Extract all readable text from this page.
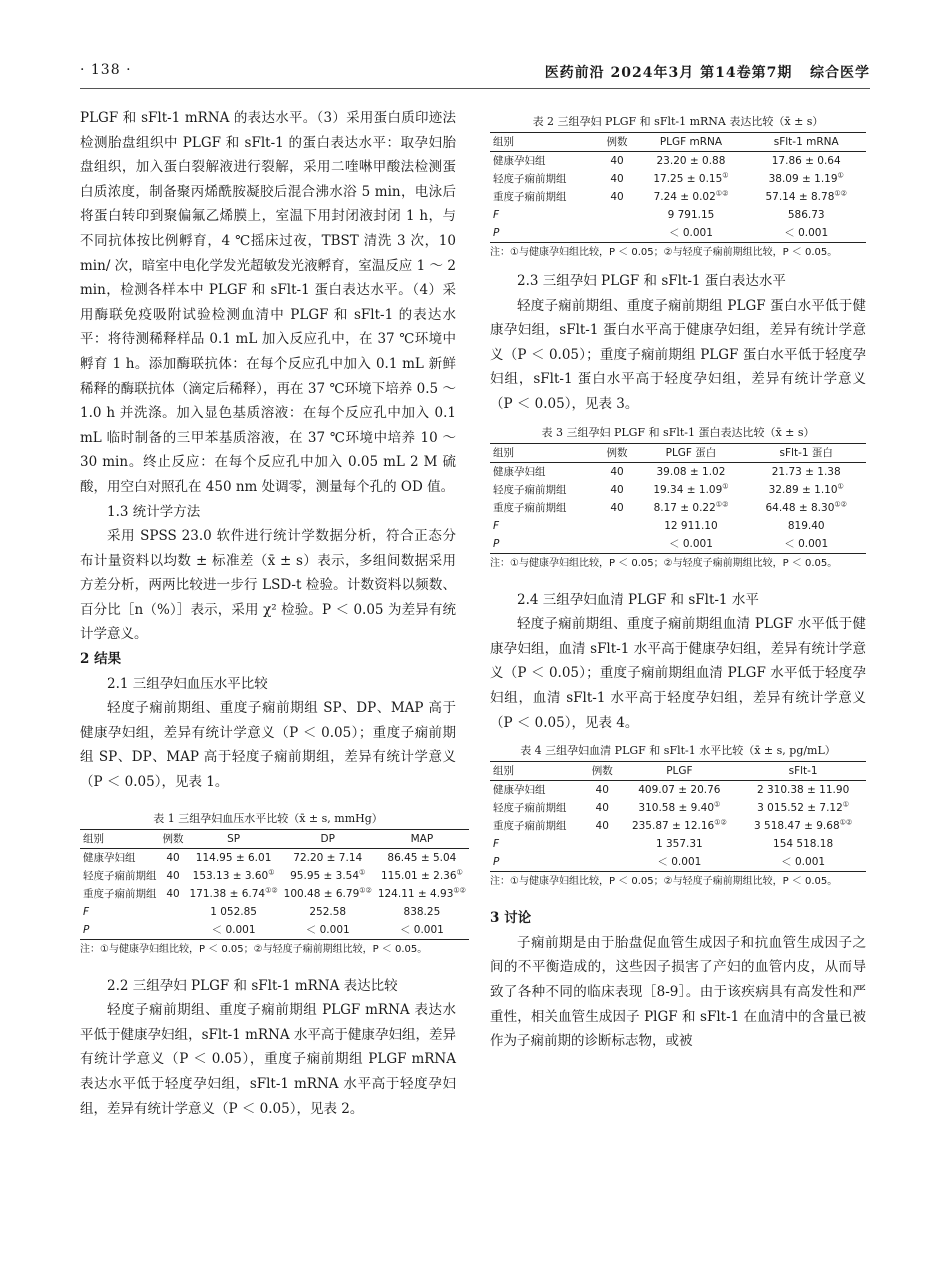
· 138 ·	医药前沿 2024年3月 第14卷第7期   综合医学

PLGF 和 sFlt-1 mRNA 的表达水平。（3）采用蛋白质印迹法检测胎盘组织中 PLGF 和 sFlt-1 的蛋白表达水平：取孕妇胎盘组织，加入蛋白裂解液进行裂解，采用二喹啉甲酸法检测蛋白质浓度，制备聚丙烯酰胺凝胶后混合沸水浴 5 min，电泳后将蛋白转印到聚偏氟乙烯膜上，室温下用封闭液封闭 1 h，与不同抗体按比例孵育，4 ℃摇床过夜，TBST 清洗 3 次，10 min/ 次，暗室中电化学发光超敏发光液孵育，室温反应 1 ～ 2 min，检测各样本中 PLGF 和 sFlt-1 蛋白表达水平。（4）采用酶联免疫吸附试验检测血清中 PLGF 和 sFlt-1 的表达水平：将待测稀释样品 0.1 mL 加入反应孔中，在 37 ℃环境中孵育 1 h。添加酶联抗体：在每个反应孔中加入 0.1 mL 新鲜稀释的酶联抗体（滴定后稀释），再在 37 ℃环境下培养 0.5 ～ 1.0 h 并洗涤。加入显色基质溶液：在每个反应孔中加入 0.1 mL 临时制备的三甲苯基质溶液，在 37 ℃环境中培养 10 ～ 30 min。终止反应：在每个反应孔中加入 0.05 mL 2 M 硫酸，用空白对照孔在 450 nm 处调零，测量每个孔的 OD 值。

1.3 统计学方法

采用 SPSS 23.0 软件进行统计学数据分析，符合正态分布计量资料以均数 ± 标准差（x̄ ± s）表示，多组间数据采用方差分析，两两比较进一步行 LSD-t 检验。计数资料以频数、百分比［n（%）］表示，采用 χ² 检验。P ＜ 0.05 为差异有统计学意义。

2 结果

2.1 三组孕妇血压水平比较

轻度子痫前期组、重度子痫前期组 SP、DP、MAP 高于健康孕妇组，差异有统计学意义（P ＜ 0.05）；重度子痫前期组 SP、DP、MAP 高于轻度子痫前期组，差异有统计学意义（P ＜ 0.05），见表 1。

表 1 三组孕妇血压水平比较（x̄ ± s, mmHg）
组别	例数	SP	DP	MAP
健康孕妇组	40	114.95 ± 6.01	72.20 ± 7.14	86.45 ± 5.04
轻度子痫前期组	40	153.13 ± 3.60①	95.95 ± 3.54①	115.01 ± 2.36①
重度子痫前期组	40	171.38 ± 6.74①②	100.48 ± 6.79①②	124.11 ± 4.93①②
F		1 052.85	252.58	838.25
P		＜ 0.001	＜ 0.001	＜ 0.001
注：①与健康孕妇组比较，P ＜ 0.05；②与轻度子痫前期组比较，P ＜ 0.05。

2.2 三组孕妇 PLGF 和 sFlt-1 mRNA 表达比较

轻度子痫前期组、重度子痫前期组 PLGF mRNA 表达水平低于健康孕妇组，sFlt-1 mRNA 水平高于健康孕妇组，差异有统计学意义（P ＜ 0.05），重度子痫前期组 PLGF mRNA 表达水平低于轻度孕妇组，sFlt-1 mRNA 水平高于轻度孕妇组，差异有统计学意义（P ＜ 0.05），见表 2。

表 2 三组孕妇 PLGF 和 sFlt-1 mRNA 表达比较（x̄ ± s）
组别	例数	PLGF mRNA	sFlt-1 mRNA
健康孕妇组	40	23.20 ± 0.88	17.86 ± 0.64
轻度子痫前期组	40	17.25 ± 0.15①	38.09 ± 1.19①
重度子痫前期组	40	7.24 ± 0.02①②	57.14 ± 8.78①②
F		9 791.15	586.73
P		＜ 0.001	＜ 0.001
注：①与健康孕妇组比较，P ＜ 0.05；②与轻度子痫前期组比较，P ＜ 0.05。

2.3 三组孕妇 PLGF 和 sFlt-1 蛋白表达水平

轻度子痫前期组、重度子痫前期组 PLGF 蛋白水平低于健康孕妇组，sFlt-1 蛋白水平高于健康孕妇组，差异有统计学意义（P ＜ 0.05）；重度子痫前期组 PLGF 蛋白水平低于轻度孕妇组，sFlt-1 蛋白水平高于轻度孕妇组，差异有统计学意义（P ＜ 0.05），见表 3。

表 3 三组孕妇 PLGF 和 sFlt-1 蛋白表达比较（x̄ ± s）
组别	例数	PLGF 蛋白	sFlt-1 蛋白
健康孕妇组	40	39.08 ± 1.02	21.73 ± 1.38
轻度子痫前期组	40	19.34 ± 1.09①	32.89 ± 1.10①
重度子痫前期组	40	8.17 ± 0.22①②	64.48 ± 8.30①②
F		12 911.10	819.40
P		＜ 0.001	＜ 0.001
注：①与健康孕妇组比较，P ＜ 0.05；②与轻度子痫前期组比较，P ＜ 0.05。

2.4 三组孕妇血清 PLGF 和 sFlt-1 水平

轻度子痫前期组、重度子痫前期组血清 PLGF 水平低于健康孕妇组，血清 sFlt-1 水平高于健康孕妇组，差异有统计学意义（P ＜ 0.05）；重度子痫前期组血清 PLGF 水平低于轻度孕妇组，血清 sFlt-1 水平高于轻度孕妇组，差异有统计学意义（P ＜ 0.05），见表 4。

表 4 三组孕妇血清 PLGF 和 sFlt-1 水平比较（x̄ ± s, pg/mL）
组别	例数	PLGF	sFlt-1
健康孕妇组	40	409.07 ± 20.76	2 310.38 ± 11.90
轻度子痫前期组	40	310.58 ± 9.40①	3 015.52 ± 7.12①
重度子痫前期组	40	235.87 ± 12.16①②	3 518.47 ± 9.68①②
F		1 357.31	154 518.18
P		＜ 0.001	＜ 0.001
注：①与健康孕妇组比较，P ＜ 0.05；②与轻度子痫前期组比较，P ＜ 0.05。

3 讨论

子痫前期是由于胎盘促血管生成因子和抗血管生成因子之间的不平衡造成的，这些因子损害了产妇的血管内皮，从而导致了各种不同的临床表现［8-9］。由于该疾病具有高发性和严重性，相关血管生成因子 PlGF 和 sFlt-1 在血清中的含量已被作为子痫前期的诊断标志物，或被
